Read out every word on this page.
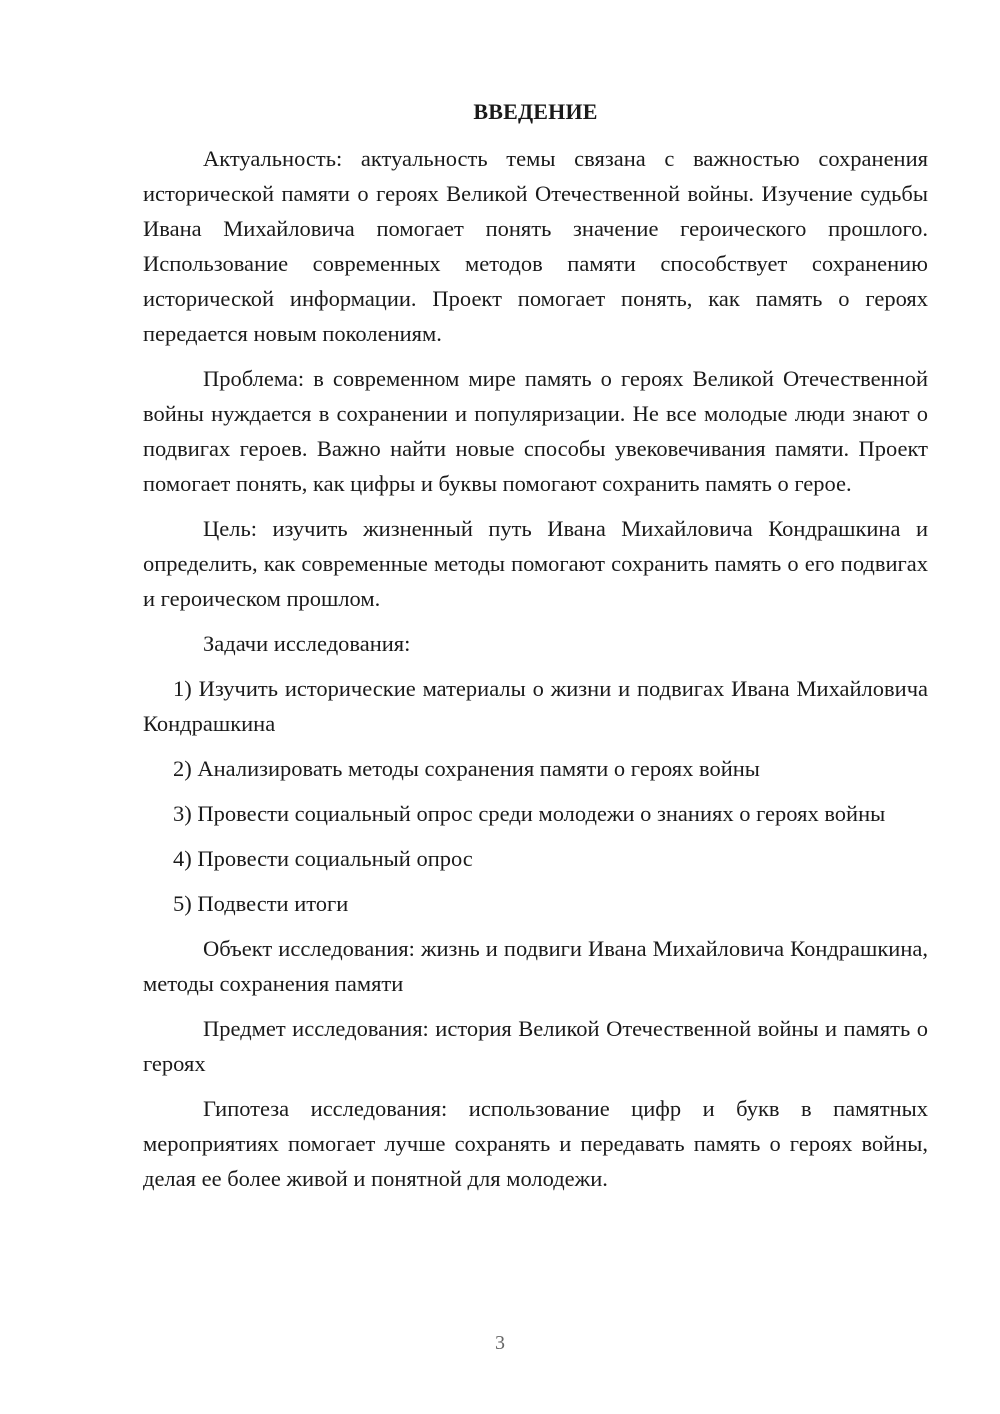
ВВЕДЕНИЕ

Актуальность: актуальность темы связана с важностью сохранения исторической памяти о героях Великой Отечественной войны. Изучение судьбы Ивана Михайловича помогает понять значение героического прошлого. Использование современных методов памяти способствует сохранению исторической информации. Проект помогает понять, как память о героях передается новым поколениям.

Проблема: в современном мире память о героях Великой Отечественной войны нуждается в сохранении и популяризации. Не все молодые люди знают о подвигах героев. Важно найти новые способы увековечивания памяти. Проект помогает понять, как цифры и буквы помогают сохранить память о герое.

Цель: изучить жизненный путь Ивана Михайловича Кондрашкина и определить, как современные методы помогают сохранить память о его подвигах и героическом прошлом.

Задачи исследования:

1) Изучить исторические материалы о жизни и подвигах Ивана Михайловича Кондрашкина

2) Анализировать методы сохранения памяти о героях войны

3) Провести социальный опрос среди молодежи о знаниях о героях войны

4) Провести социальный опрос

5) Подвести итоги

Объект исследования: жизнь и подвиги Ивана Михайловича Кондрашкина, методы сохранения памяти

Предмет исследования: история Великой Отечественной войны и память о героях

Гипотеза исследования: использование цифр и букв в памятных мероприятиях помогает лучше сохранять и передавать память о героях войны, делая ее более живой и понятной для молодежи.

3
